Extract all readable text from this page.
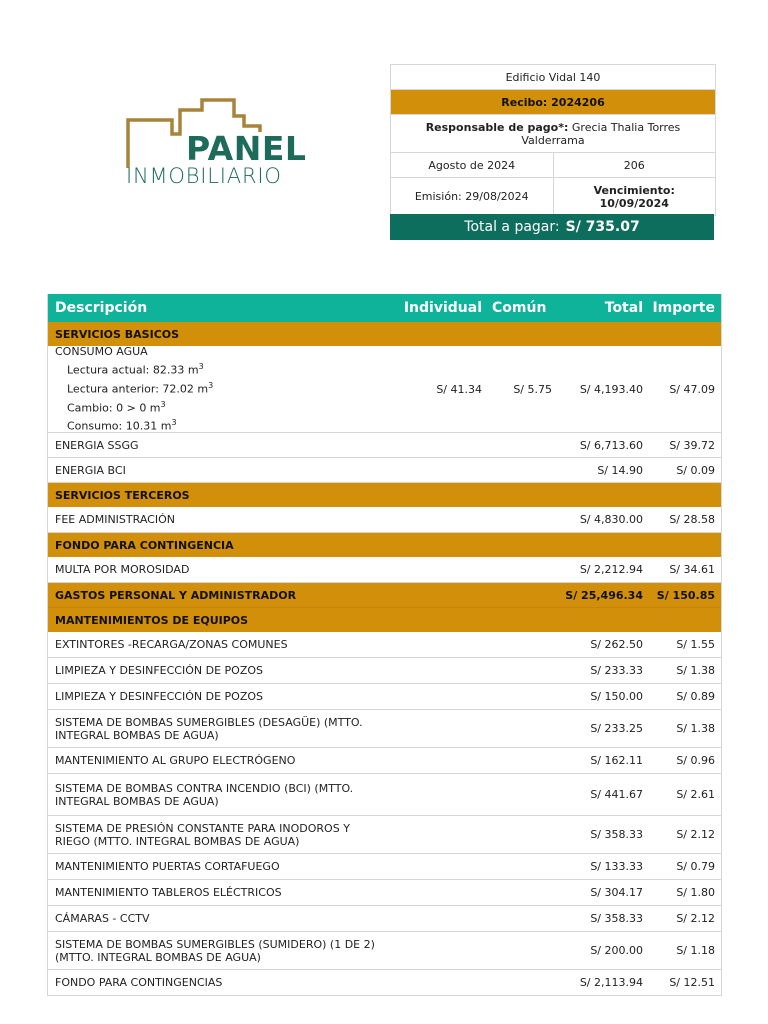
PANEL
INMOBILIARIO
Edificio Vidal 140
Recibo: 2024206
Responsable de pago*: Grecia Thalia Torres Valderrama
Agosto de 2024	206
Emisión: 29/08/2024	Vencimiento:
10/09/2024
Total a pagar: S/ 735.07
Descripción	Individual Común	Total Importe
SERVICIOS BASICOS
CONSUMO AGUA
Lectura actual: 82.33 $m^3$
Lectura anterior: 72.02 $m^3$
Cambio: 0 > 0 $m^3$
Consumo: 10.31 $m^3$
S/ 41.34	S/ 5.75	S/ 4,193.40	S/ 47.09
ENERGIA SSGG	S/ 6,713.60	S/ 39.72
ENERGIA BCI	S/ 14.90	S/ 0.09
SERVICIOS TERCEROS
FEE ADMINISTRACIÓN	S/ 4,830.00	S/ 28.58
FONDO PARA CONTINGENCIA
MULTA POR MOROSIDAD	S/ 2,212.94	S/ 34.61
GASTOS PERSONAL Y ADMINISTRADOR	S/ 25,496.34	S/ 150.85
MANTENIMIENTOS DE EQUIPOS
EXTINTORES -RECARGA/ZONAS COMUNES	S/ 262.50	S/ 1.55
LIMPIEZA Y DESINFECCIÓN DE POZOS	S/ 233.33	S/ 1.38
LIMPIEZA Y DESINFECCIÓN DE POZOS	S/ 150.00	S/ 0.89
SISTEMA DE BOMBAS SUMERGIBLES (DESAGÜE) (MTTO. INTEGRAL BOMBAS DE AGUA)	S/ 233.25	S/ 1.38
MANTENIMIENTO AL GRUPO ELECTRÓGENO	S/ 162.11	S/ 0.96
SISTEMA DE BOMBAS CONTRA INCENDIO (BCI) (MTTO. INTEGRAL BOMBAS DE AGUA)	S/ 441.67	S/ 2.61
SISTEMA DE PRESIÓN CONSTANTE PARA INODOROS Y RIEGO (MTTO. INTEGRAL BOMBAS DE AGUA)	S/ 358.33	S/ 2.12
MANTENIMIENTO PUERTAS CORTAFUEGO	S/ 133.33	S/ 0.79
MANTENIMIENTO TABLEROS ELÉCTRICOS	S/ 304.17	S/ 1.80
CÁMARAS - CCTV	S/ 358.33	S/ 2.12
SISTEMA DE BOMBAS SUMERGIBLES (SUMIDERO) (1 DE 2) (MTTO. INTEGRAL BOMBAS DE AGUA)	S/ 200.00	S/ 1.18
FONDO PARA CONTINGENCIAS	S/ 2,113.94	S/ 12.51
